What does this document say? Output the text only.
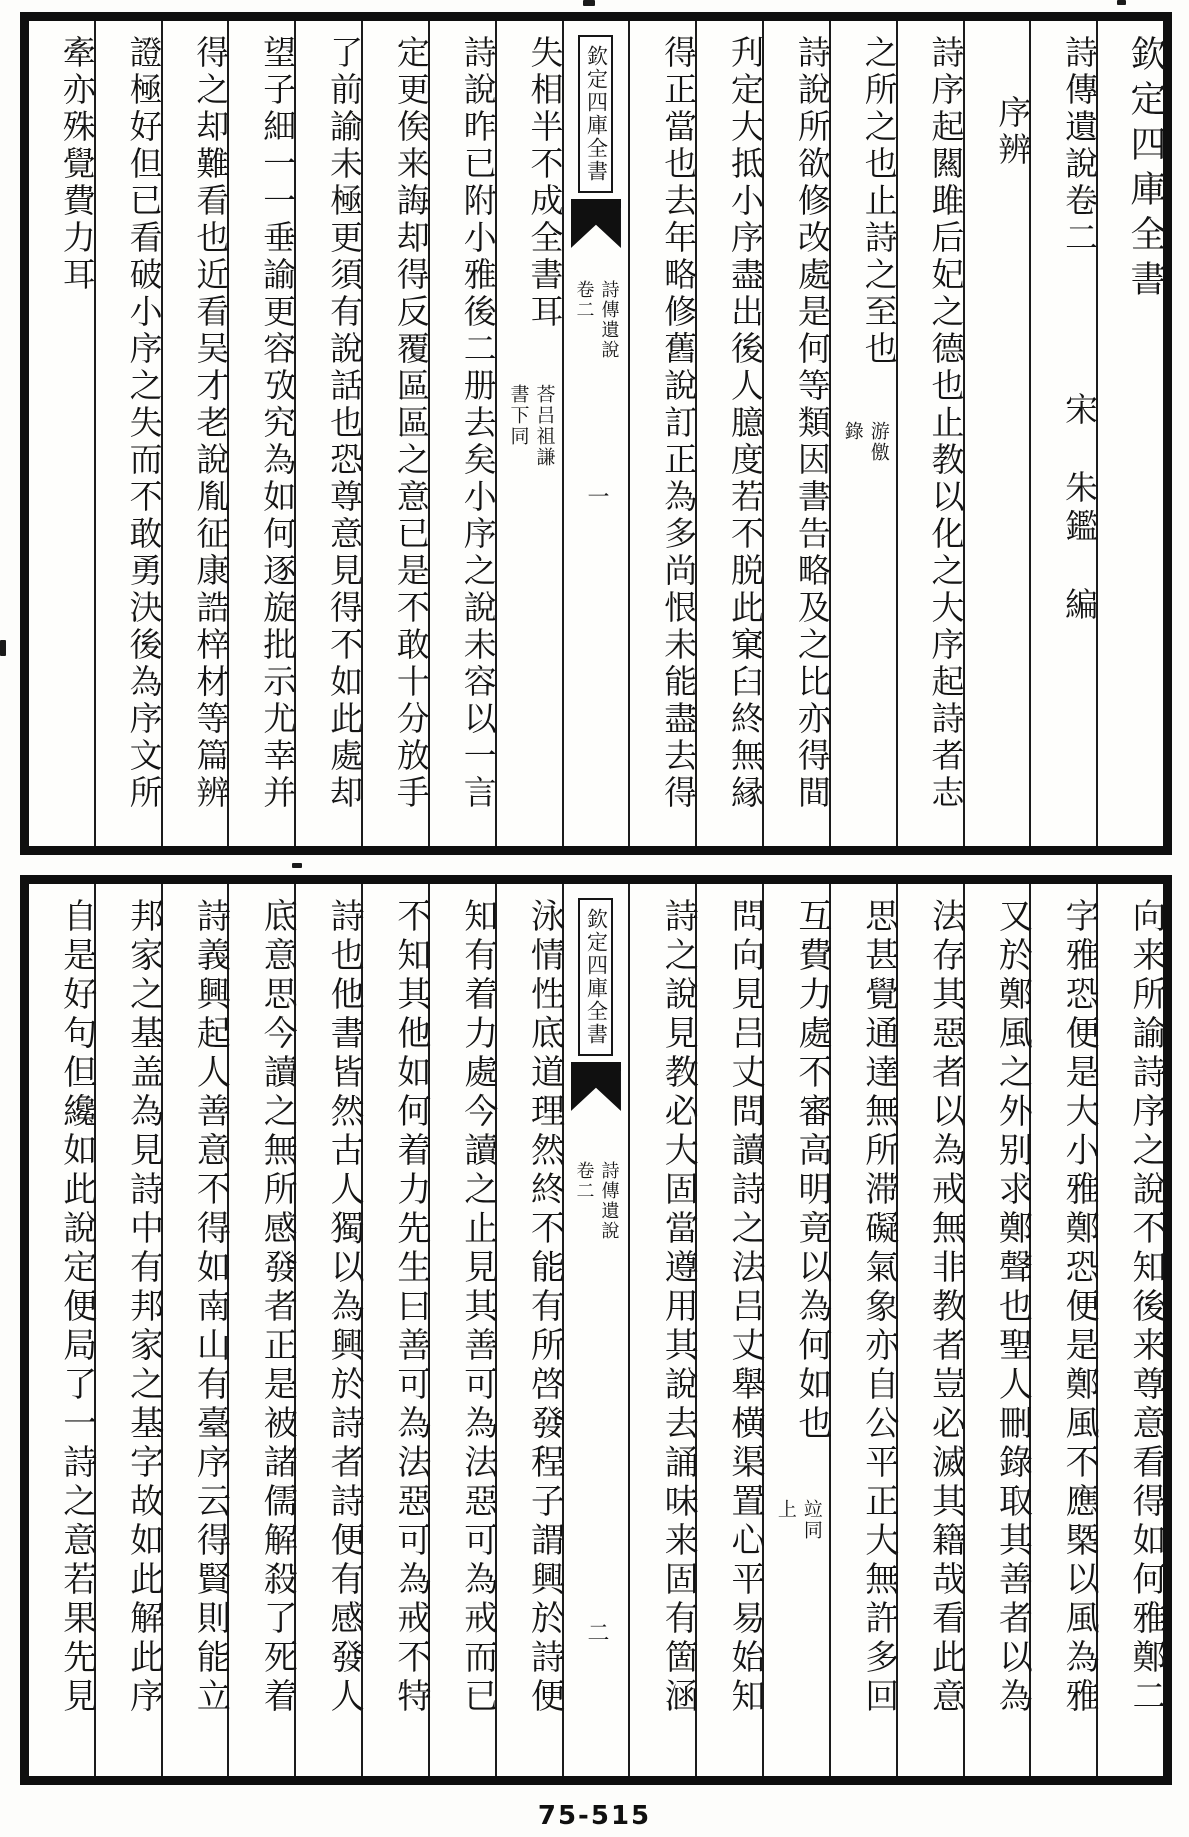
欽定四庫全書
詩傳遺說卷二 宋　朱鑑　編
序辨
詩序起闗雎后妃之德也止教以化之大序起詩者志
之所之也止詩之至也
游儌
錄
詩說所欲修改處是何等類因書告略及之比亦得間
刋定大抵小序盡出後人臆度若不脱此窠臼終無縁
得正當也去年略修舊說訂正為多尚恨未能盡去得
欽定四庫全書
詩傳遺說
卷二
一
失相半不成全書耳
荅吕祖謙
書下同
詩說昨已附小雅後二册去矣小序之說未容以一言
定更俟来誨却得反覆區區之意已是不敢十分放手
了前諭未極更須有說話也恐尊意見得不如此處却
望子細一一垂諭更容攷究為如何逐旋批示尤幸并
得之却難看也近看吴才老說胤征康誥梓材等篇辨
證極好但已看破小序之失而不敢勇決後為序文所
牽亦殊覺費力耳
向来所諭詩序之說不知後来尊意看得如何雅鄭二
字雅恐便是大小雅鄭恐便是鄭風不應槩以風為雅
又於鄭風之外别求鄭聲也聖人刪錄取其善者以為
法存其惡者以為戒無非教者豈必滅其籍哉看此意
思甚覺通達無所滞礙氣象亦自公平正大無許多回
互費力處不審高明竟以為何如也
竝同
上
問向見吕丈問讀詩之法吕丈舉横渠置心平易始知
詩之說見教必大固當遵用其說去誦味来固有箇涵
欽定四庫全書
詩傳遺說
卷二
二
泳情性底道理然終不能有所啓發程子謂興於詩便
知有着力處今讀之止見其善可為法惡可為戒而已
不知其他如何着力先生曰善可為法惡可為戒不特
詩也他書皆然古人獨以為興於詩者詩便有感發人
底意思今讀之無所感發者正是被諸儒解殺了死着
詩義興起人善意不得如南山有臺序云得賢則能立
邦家之基盖為見詩中有邦家之基字故如此解此序
自是好句但纔如此說定便局了一詩之意若果先見
75-515
